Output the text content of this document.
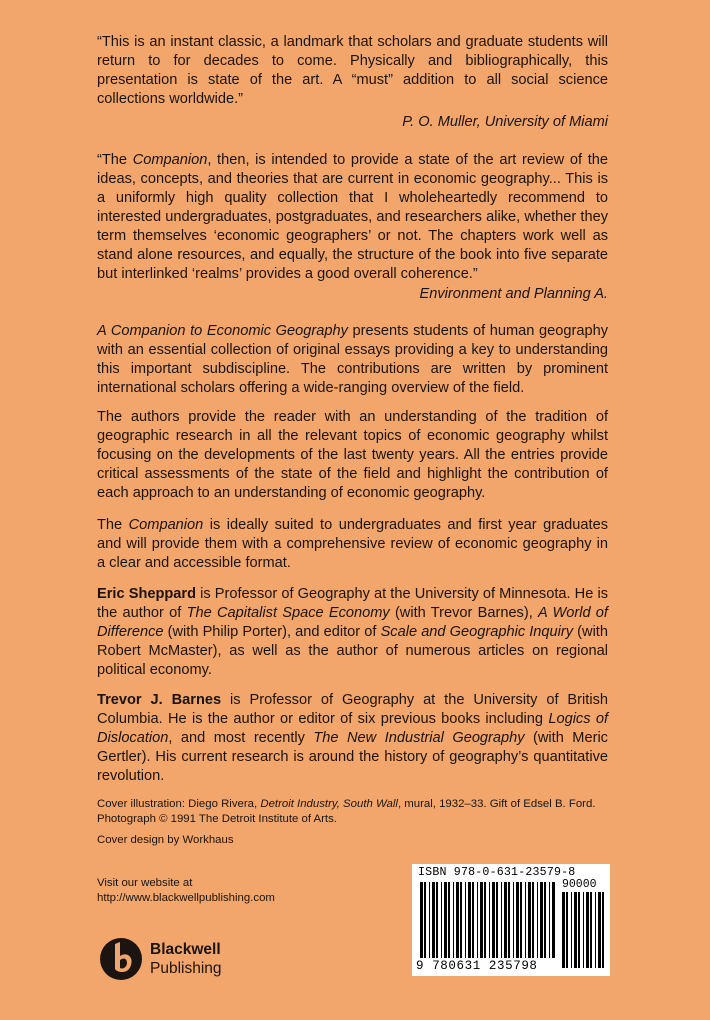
“This is an instant classic, a landmark that scholars and graduate students will return to for decades to come. Physically and bibliographically, this presentation is state of the art. A “must” addition to all social science collections worldwide.”
P. O. Muller, University of Miami
“The Companion, then, is intended to provide a state of the art review of the ideas, concepts, and theories that are current in economic geography... This is a uniformly high quality collection that I wholeheartedly recommend to interested undergraduates, postgraduates, and researchers alike, whether they term themselves ‘economic geographers’ or not. The chapters work well as stand alone resources, and equally, the structure of the book into five separate but interlinked ‘realms’ provides a good overall coherence.”
Environment and Planning A.
A Companion to Economic Geography presents students of human geography with an essential collection of original essays providing a key to understanding this important subdiscipline. The contributions are written by prominent international scholars offering a wide-ranging overview of the field.
The authors provide the reader with an understanding of the tradition of geographic research in all the relevant topics of economic geography whilst focusing on the developments of the last twenty years. All the entries provide critical assessments of the state of the field and highlight the contribution of each approach to an understanding of economic geography.
The Companion is ideally suited to undergraduates and first year graduates and will provide them with a comprehensive review of economic geography in a clear and accessible format.
Eric Sheppard is Professor of Geography at the University of Minnesota. He is the author of The Capitalist Space Economy (with Trevor Barnes), A World of Difference (with Philip Porter), and editor of Scale and Geographic Inquiry (with Robert McMaster), as well as the author of numerous articles on regional political economy.
Trevor J. Barnes is Professor of Geography at the University of British Columbia. He is the author or editor of six previous books including Logics of Dislocation, and most recently The New Industrial Geography (with Meric Gertler). His current research is around the history of geography’s quantitative revolution.
Cover illustration: Diego Rivera, Detroit Industry, South Wall, mural, 1932–33. Gift of Edsel B. Ford.
Photograph © 1991 The Detroit Institute of Arts.
Cover design by Workhaus
Visit our website at
http://www.blackwellpublishing.com
Blackwell
Publishing
ISBN 978-0-631-23579-8
90000
9 780631 235798
